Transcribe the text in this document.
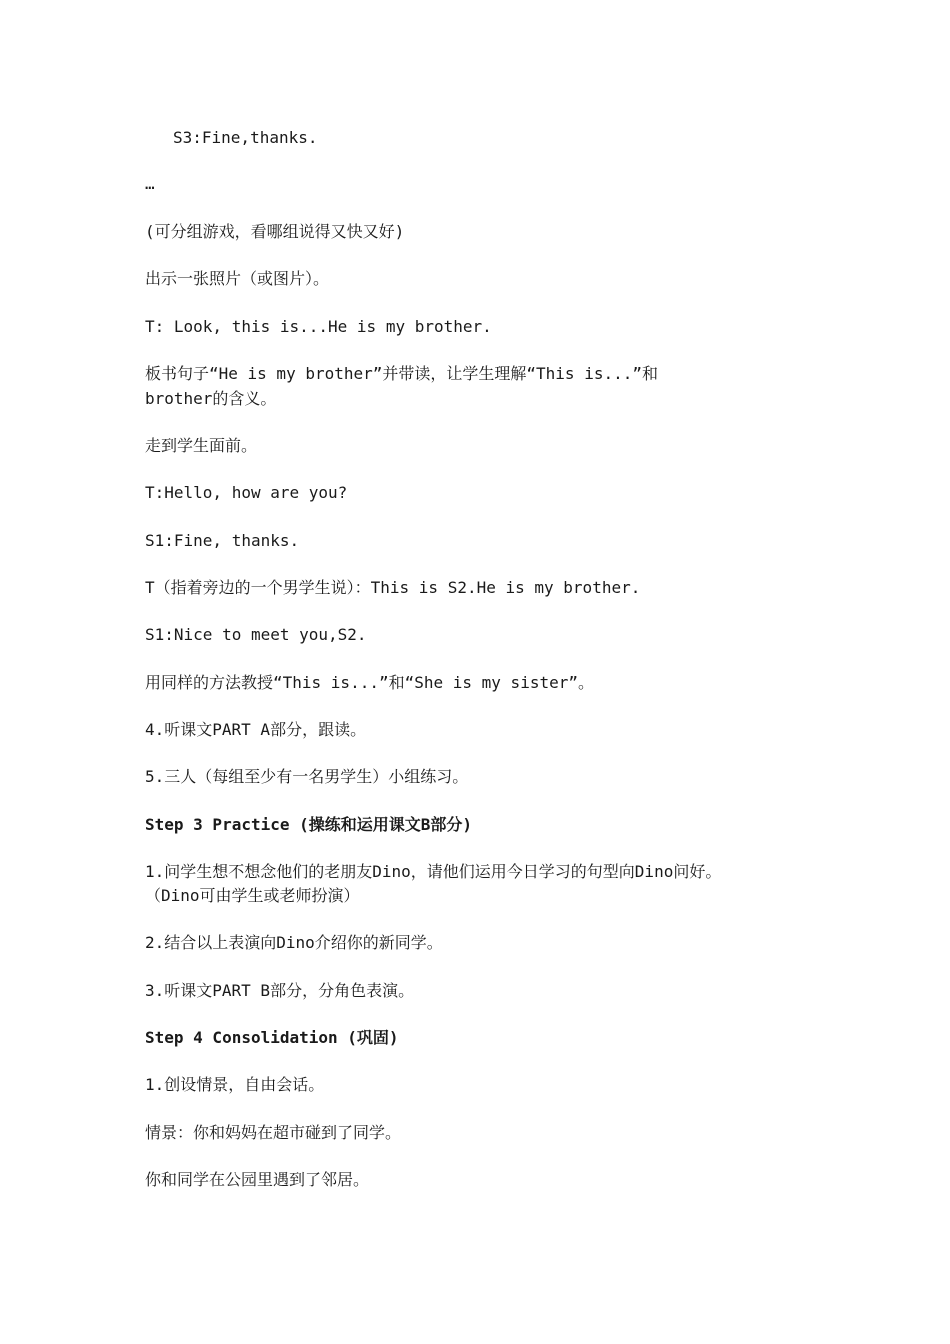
S3:Fine,thanks.
…
(可分组游戏，看哪组说得又快又好)
出示一张照片（或图片）。
T: Look, this is...He is my brother.
板书句子“He is my brother”并带读，让学生理解“This is...”和
brother的含义。
走到学生面前。
T:Hello, how are you?
S1:Fine, thanks.
T（指着旁边的一个男学生说）：This is S2.He is my brother.
S1:Nice to meet you,S2.
用同样的方法教授“This is...”和“She is my sister”。
4.听课文PART A部分，跟读。
5.三人（每组至少有一名男学生）小组练习。
Step 3 Practice (操练和运用课文B部分)
1.问学生想不想念他们的老朋友Dino，请他们运用今日学习的句型向Dino问好。
（Dino可由学生或老师扮演）
2.结合以上表演向Dino介绍你的新同学。
3.听课文PART B部分，分角色表演。
Step 4 Consolidation (巩固)
1.创设情景，自由会话。
情景：你和妈妈在超市碰到了同学。
你和同学在公园里遇到了邻居。
